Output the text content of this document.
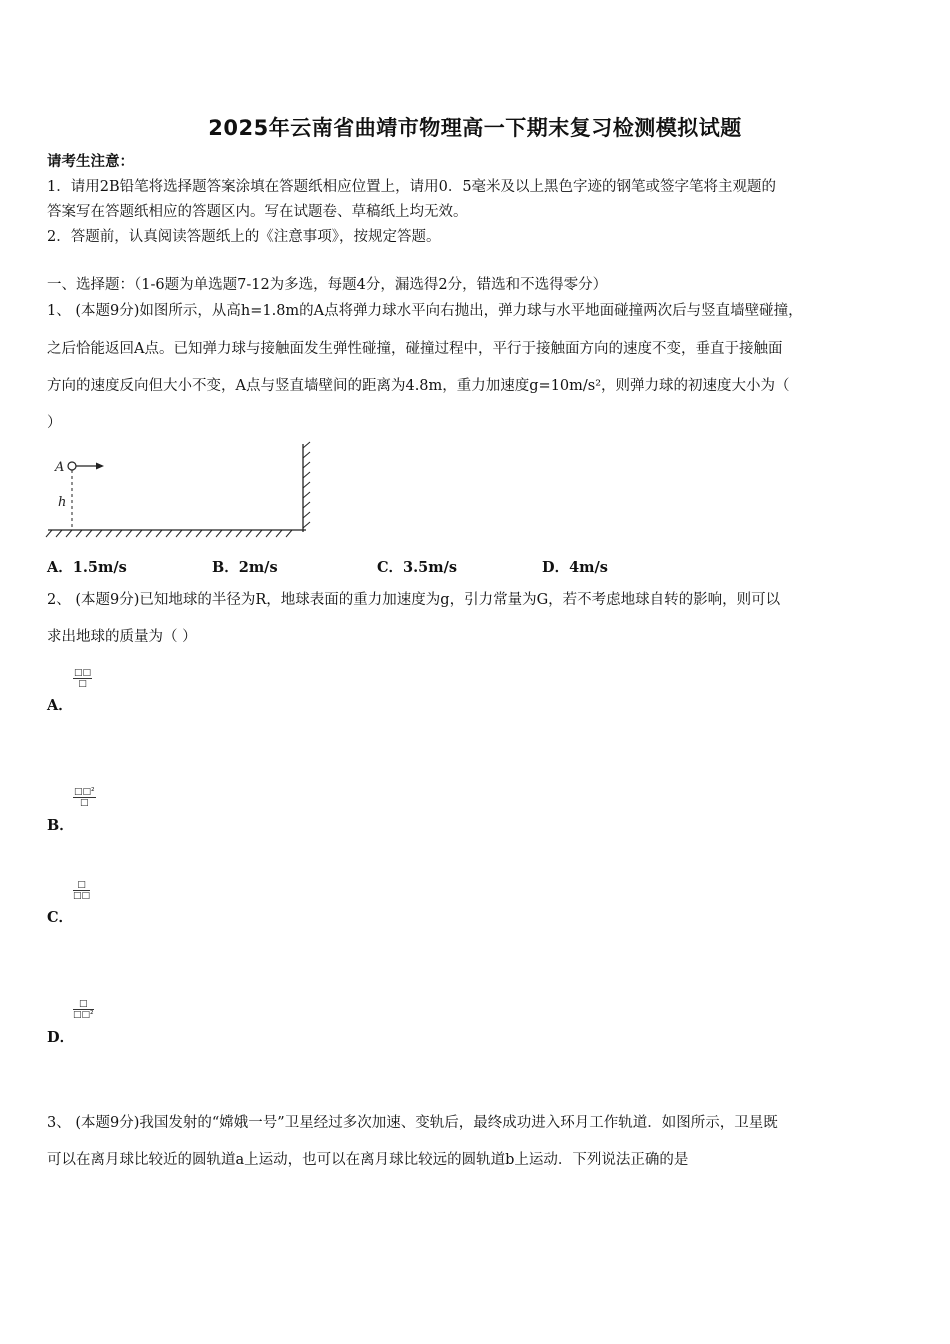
2025年云南省曲靖市物理高一下期末复习检测模拟试题
请考生注意：
1．请用2B铅笔将选择题答案涂填在答题纸相应位置上，请用0．5毫米及以上黑色字迹的钢笔或签字笔将主观题的
答案写在答题纸相应的答题区内。写在试题卷、草稿纸上均无效。
2．答题前，认真阅读答题纸上的《注意事项》，按规定答题。
一、选择题：（1-6题为单选题7-12为多选，每题4分，漏选得2分，错选和不选得零分）
1、 (本题9分)如图所示，从高h=1.8m的A点将弹力球水平向右抛出，弹力球与水平地面碰撞两次后与竖直墙壁碰撞，
之后恰能返回A点。已知弹力球与接触面发生弹性碰撞，碰撞过程中，平行于接触面方向的速度不变，垂直于接触面
方向的速度反向但大小不变，A点与竖直墙壁间的距离为4.8m，重力加速度g=10m/s²，则弹力球的初速度大小为（
）
A
h
A．1.5m/s	B．2m/s	C．3.5m/s	D．4m/s
2、 (本题9分)已知地球的半径为R，地球表面的重力加速度为g，引力常量为G，若不考虑地球自转的影响，则可以
求出地球的质量为（ ）
A．
□□
□
B．
□□²
□
C．
□
□□
D．
□
□□²
3、 (本题9分)我国发射的“嫦娥一号”卫星经过多次加速、变轨后，最终成功进入环月工作轨道．如图所示，卫星既
可以在离月球比较近的圆轨道a上运动，也可以在离月球比较远的圆轨道b上运动．下列说法正确的是
